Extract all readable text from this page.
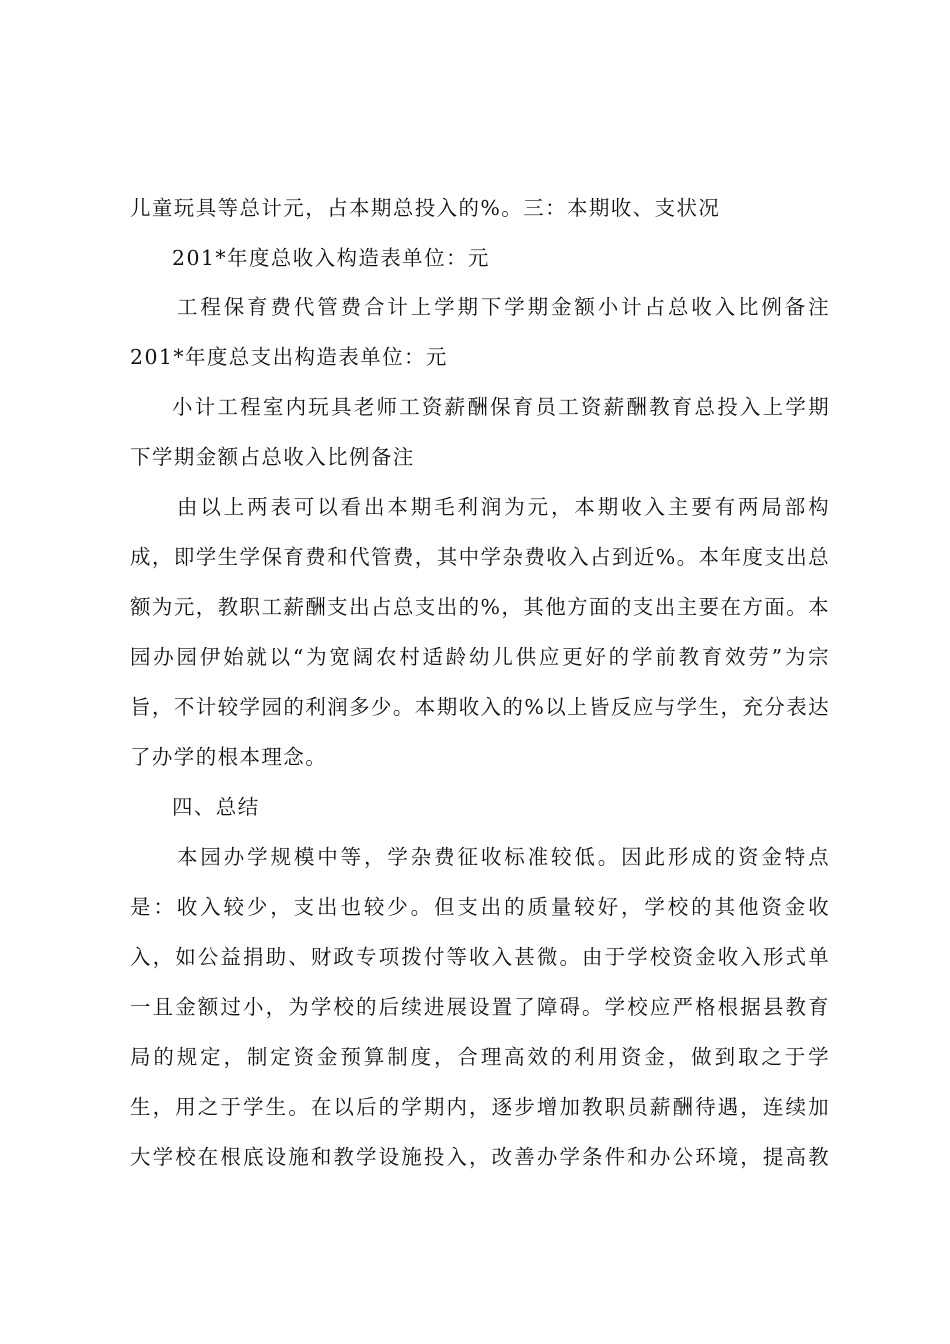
儿童玩具等总计元，占本期总投入的%。三：本期收、支状况
201*年度总收入构造表单位：元
工程保育费代管费合计上学期下学期金额小计占总收入比例备注
201*年度总支出构造表单位：元
小计工程室内玩具老师工资薪酬保育员工资薪酬教育总投入上学期
下学期金额占总收入比例备注
由以上两表可以看出本期毛利润为元，本期收入主要有两局部构
成，即学生学保育费和代管费，其中学杂费收入占到近%。本年度支出总
额为元，教职工薪酬支出占总支出的%，其他方面的支出主要在方面。本
园办园伊始就以“为宽阔农村适龄幼儿供应更好的学前教育效劳”为宗
旨，不计较学园的利润多少。本期收入的%以上皆反应与学生，充分表达
了办学的根本理念。
四、总结
本园办学规模中等，学杂费征收标准较低。因此形成的资金特点
是：收入较少，支出也较少。但支出的质量较好，学校的其他资金收
入，如公益捐助、财政专项拨付等收入甚微。由于学校资金收入形式单
一且金额过小，为学校的后续进展设置了障碍。学校应严格根据县教育
局的规定，制定资金预算制度，合理高效的利用资金，做到取之于学
生，用之于学生。在以后的学期内，逐步增加教职员薪酬待遇，连续加
大学校在根底设施和教学设施投入，改善办学条件和办公环境，提高教
